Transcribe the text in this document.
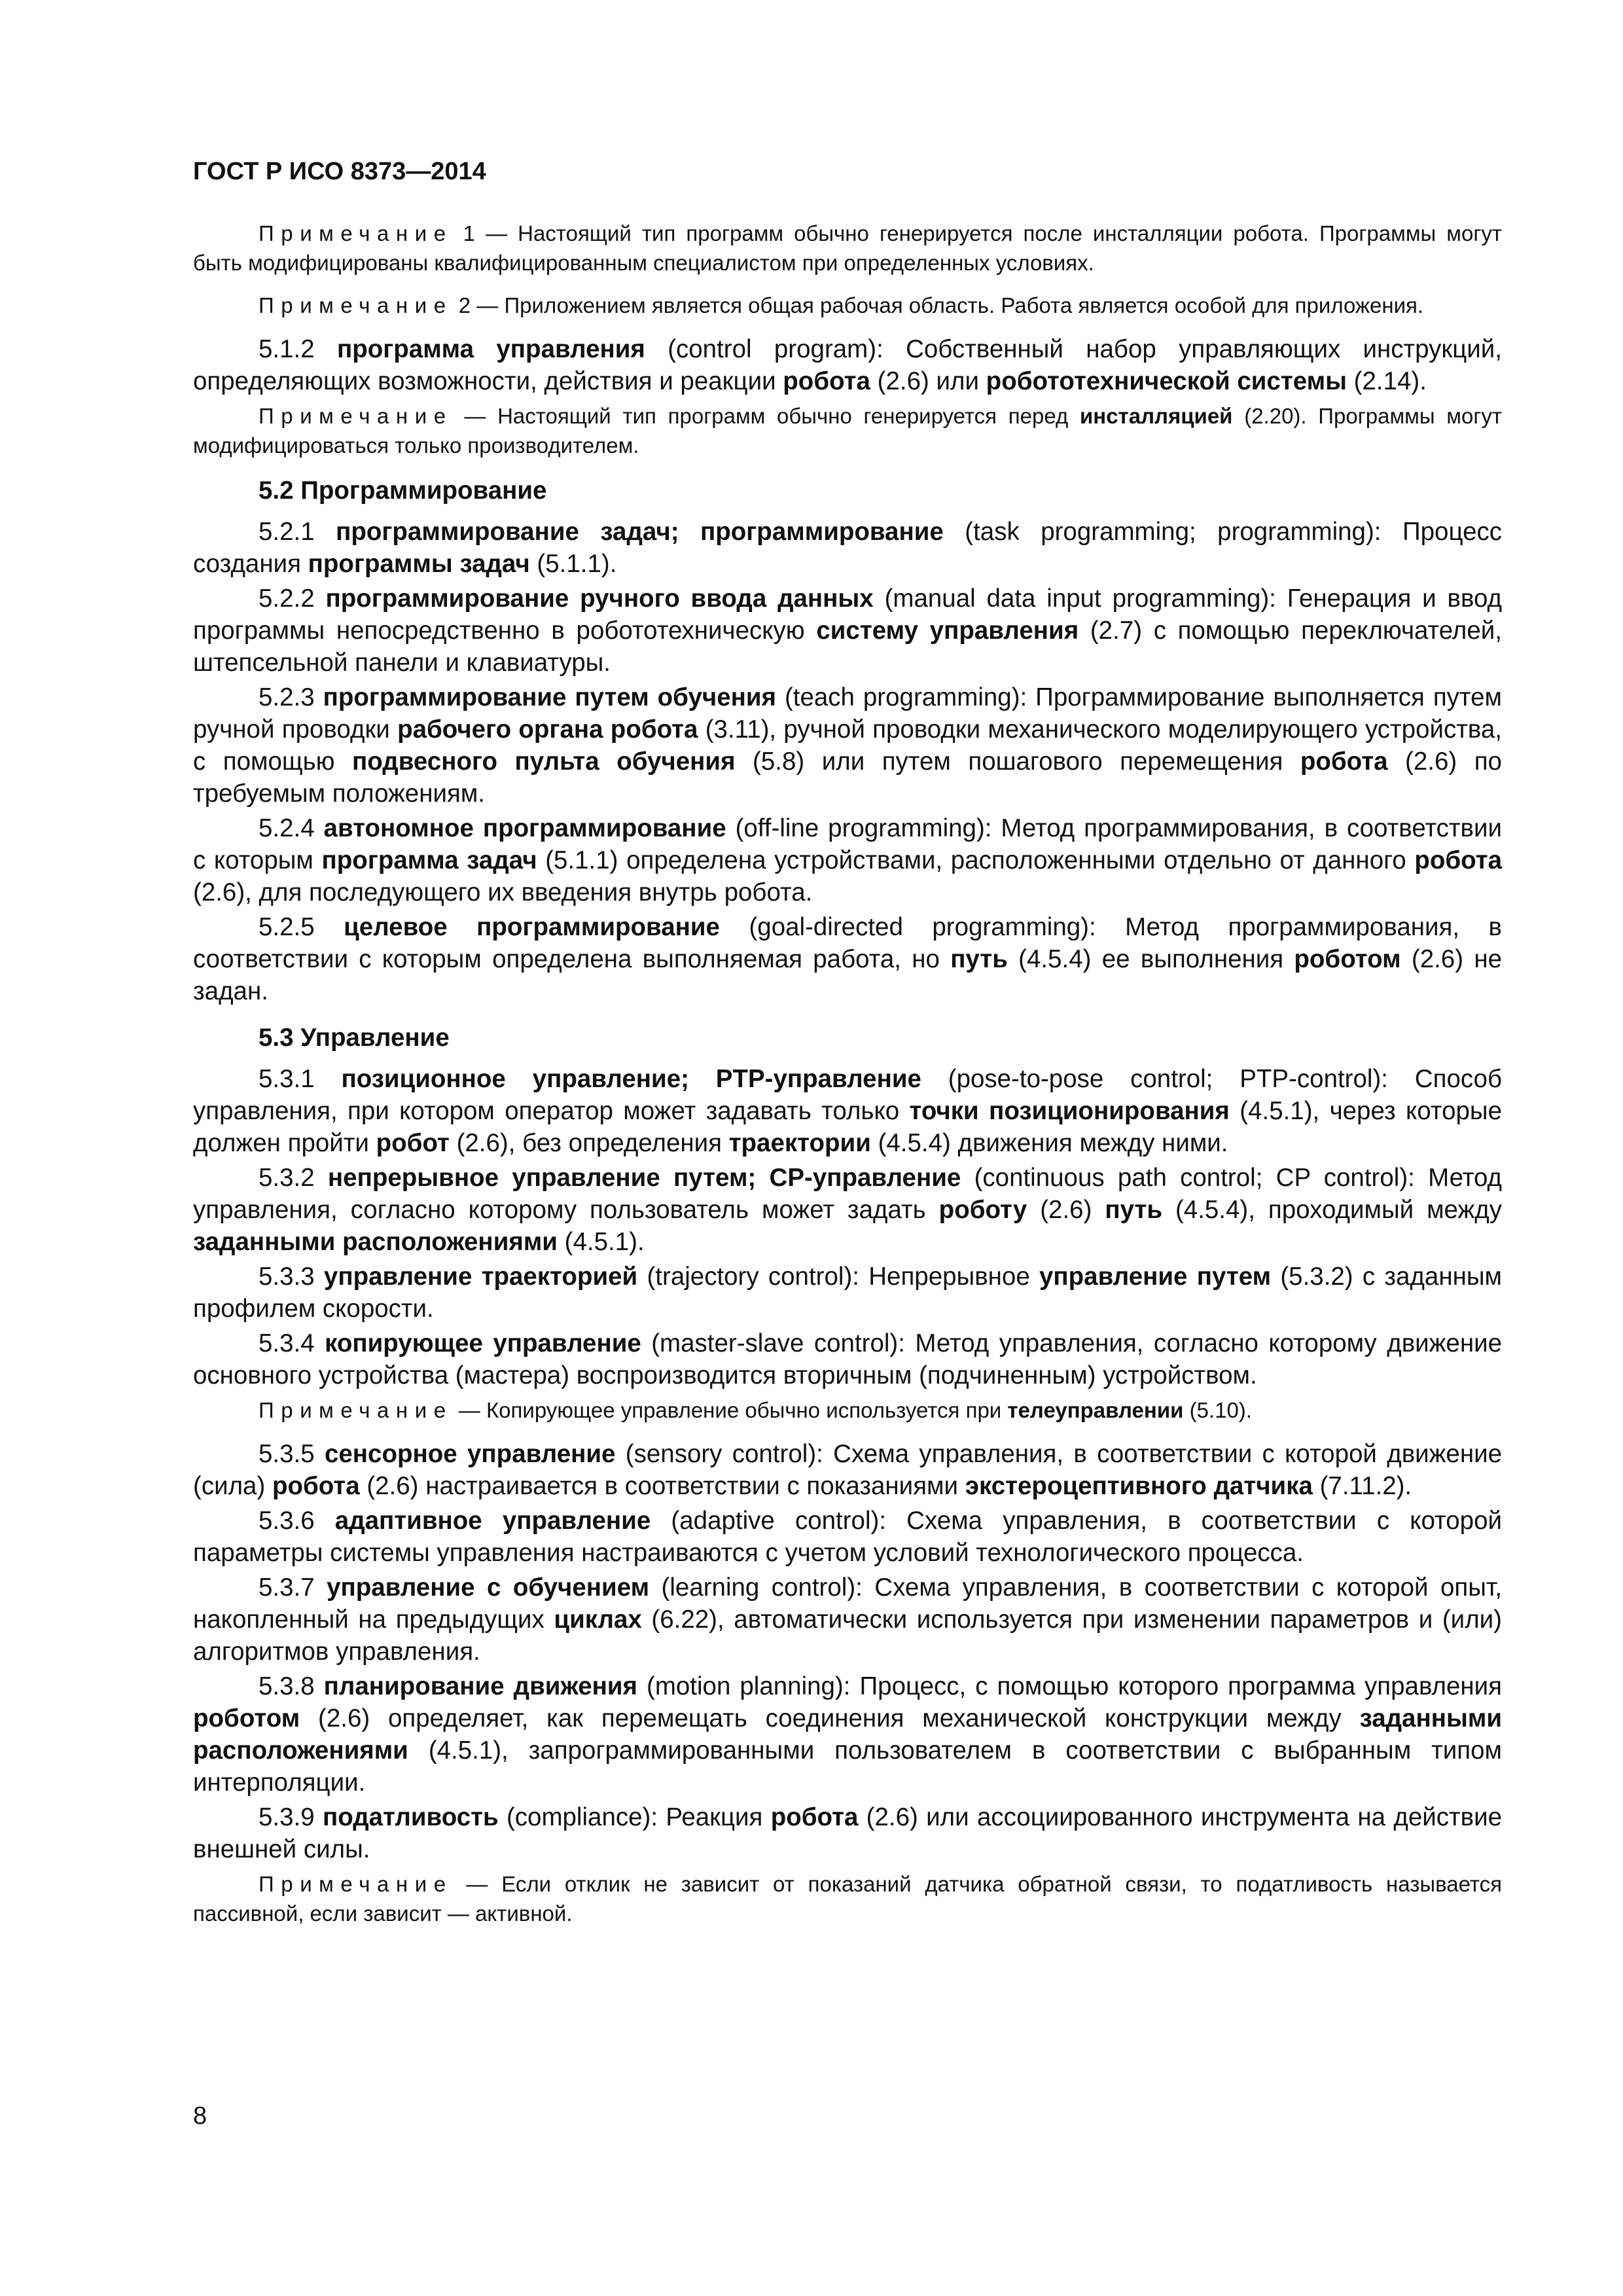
ГОСТ Р ИСО 8373—2014
Примечание 1 — Настоящий тип программ обычно генерируется после инсталляции робота. Программы могут быть модифицированы квалифицированным специалистом при определенных условиях.
Примечание 2 — Приложением является общая рабочая область. Работа является особой для приложения.
5.1.2 программа управления (control program): Собственный набор управляющих инструкций, определяющих возможности, действия и реакции робота (2.6) или робототехнической системы (2.14).
Примечание — Настоящий тип программ обычно генерируется перед инсталляцией (2.20). Программы могут модифицироваться только производителем.
5.2 Программирование
5.2.1 программирование задач; программирование (task programming; programming): Процесс создания программы задач (5.1.1).
5.2.2 программирование ручного ввода данных (manual data input programming): Генерация и ввод программы непосредственно в робототехническую систему управления (2.7) с помощью переключателей, штепсельной панели и клавиатуры.
5.2.3 программирование путем обучения (teach programming): Программирование выполняется путем ручной проводки рабочего органа робота (3.11), ручной проводки механического моделирующего устройства, с помощью подвесного пульта обучения (5.8) или путем пошагового перемещения робота (2.6) по требуемым положениям.
5.2.4 автономное программирование (off-line programming): Метод программирования, в соответствии с которым программа задач (5.1.1) определена устройствами, расположенными отдельно от данного робота (2.6), для последующего их введения внутрь робота.
5.2.5 целевое программирование (goal-directed programming): Метод программирования, в соответствии с которым определена выполняемая работа, но путь (4.5.4) ее выполнения роботом (2.6) не задан.
5.3 Управление
5.3.1 позиционное управление; PTP-управление (pose-to-pose control; PTP-control): Способ управления, при котором оператор может задавать только точки позиционирования (4.5.1), через которые должен пройти робот (2.6), без определения траектории (4.5.4) движения между ними.
5.3.2 непрерывное управление путем; CP-управление (continuous path control; CP control): Метод управления, согласно которому пользователь может задать роботу (2.6) путь (4.5.4), проходимый между заданными расположениями (4.5.1).
5.3.3 управление траекторией (trajectory control): Непрерывное управление путем (5.3.2) с заданным профилем скорости.
5.3.4 копирующее управление (master-slave control): Метод управления, согласно которому движение основного устройства (мастера) воспроизводится вторичным (подчиненным) устройством.
Примечание — Копирующее управление обычно используется при телеуправлении (5.10).
5.3.5 сенсорное управление (sensory control): Схема управления, в соответствии с которой движение (сила) робота (2.6) настраивается в соответствии с показаниями экстероцептивного датчика (7.11.2).
5.3.6 адаптивное управление (adaptive control): Схема управления, в соответствии с которой параметры системы управления настраиваются с учетом условий технологического процесса.
5.3.7 управление с обучением (learning control): Схема управления, в соответствии с которой опыт, накопленный на предыдущих циклах (6.22), автоматически используется при изменении параметров и (или) алгоритмов управления.
5.3.8 планирование движения (motion planning): Процесс, с помощью которого программа управления роботом (2.6) определяет, как перемещать соединения механической конструкции между заданными расположениями (4.5.1), запрограммированными пользователем в соответствии с выбранным типом интерполяции.
5.3.9 податливость (compliance): Реакция робота (2.6) или ассоциированного инструмента на действие внешней силы.
Примечание — Если отклик не зависит от показаний датчика обратной связи, то податливость называется пассивной, если зависит — активной.
8
